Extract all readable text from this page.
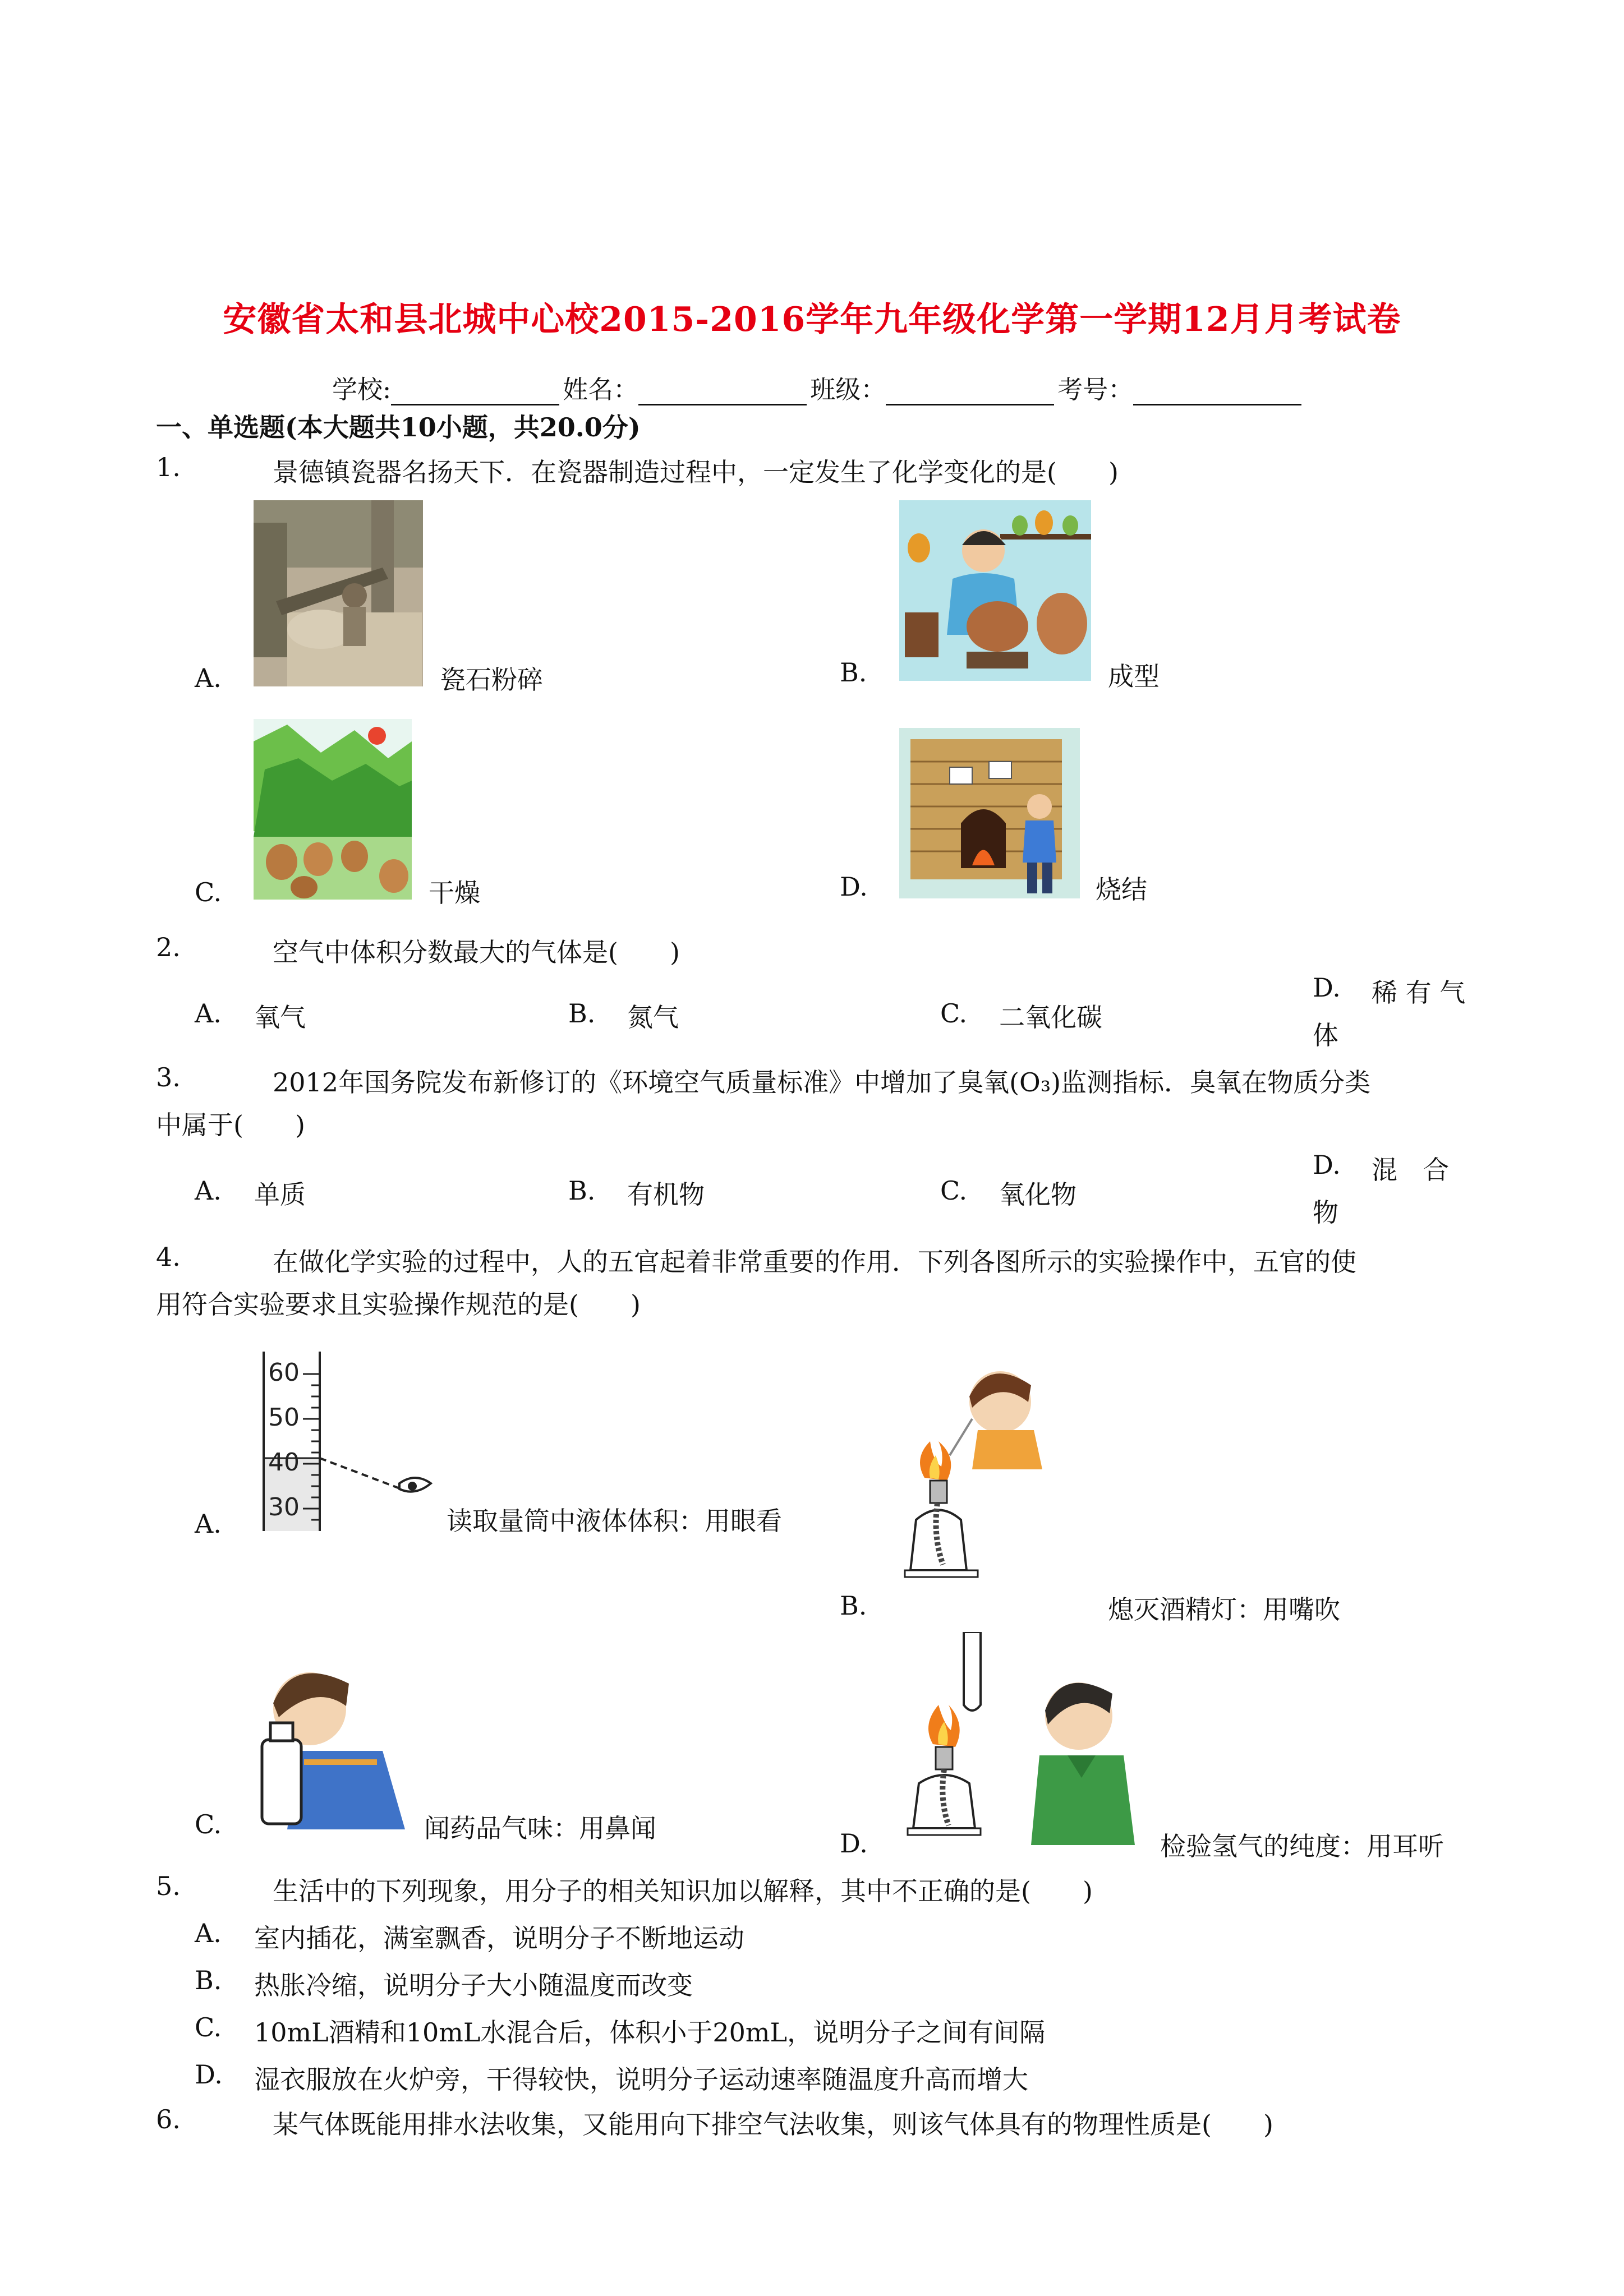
安徽省太和县北城中心校2015-2016学年九年级化学第一学期12月月考试卷
学校:	姓名：	班级：	考号：
一、单选题(本大题共10小题，共20.0分)
1.	景德镇瓷器名扬天下．在瓷器制造过程中，一定发生了化学变化的是(　　)
A.	瓷石粉碎	B.	成型
C.	干燥	D.	烧结
2.	空气中体积分数最大的气体是(　　)
A. 氧气	B. 氮气	C. 二氧化碳
D. 稀 有 气
体
3.	2012年国务院发布新修订的《环境空气质量标准》中增加了臭氧(O₃)监测指标．臭氧在物质分类
中属于(　　)
A. 单质	B. 有机物	C. 氧化物
D. 混　合
物
4.	在做化学实验的过程中，人的五官起着非常重要的作用．下列各图所示的实验操作中，五官的使
用符合实验要求且实验操作规范的是(　　)
60
50
40
30
A.	读取量筒中液体体积：用眼看
B.	熄灭酒精灯：用嘴吹
C.	闻药品气味：用鼻闻	D.	检验氢气的纯度：用耳听
5.	生活中的下列现象，用分子的相关知识加以解释，其中不正确的是(　　)
A. 室内插花，满室飘香，说明分子不断地运动
B. 热胀冷缩，说明分子大小随温度而改变
C. 10mL酒精和10mL水混合后，体积小于20mL，说明分子之间有间隔
D. 湿衣服放在火炉旁，干得较快，说明分子运动速率随温度升高而增大
6.	某气体既能用排水法收集，又能用向下排空气法收集，则该气体具有的物理性质是(　　)
